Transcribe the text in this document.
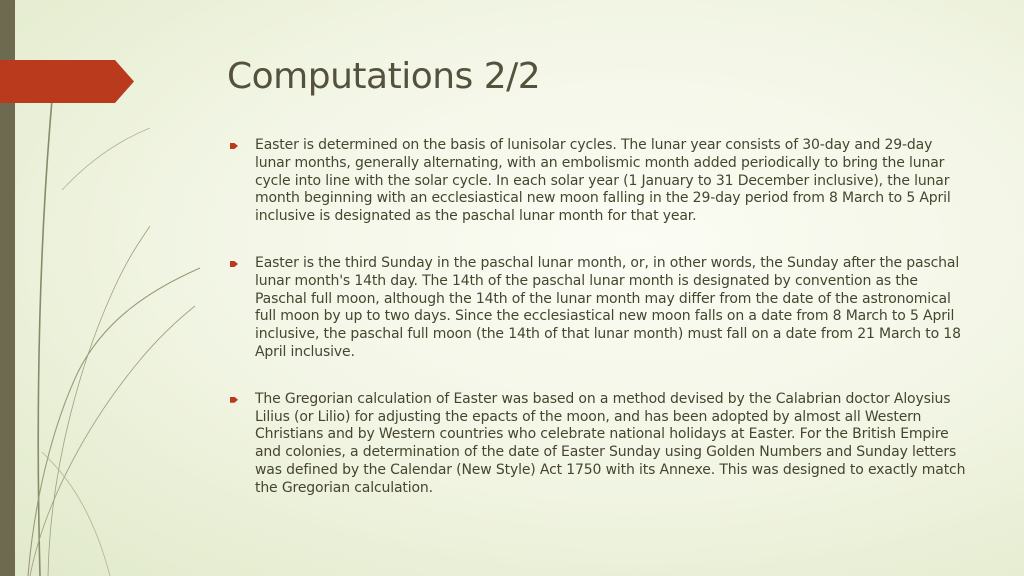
Computations 2/2
Easter is determined on the basis of lunisolar cycles. The lunar year consists of 30-day and 29-day lunar months, generally alternating, with an embolismic month added periodically to bring the lunar cycle into line with the solar cycle. In each solar year (1 January to 31 December inclusive), the lunar month beginning with an ecclesiastical new moon falling in the 29-day period from 8 March to 5 April inclusive is designated as the paschal lunar month for that year.
Easter is the third Sunday in the paschal lunar month, or, in other words, the Sunday after the paschal lunar month's 14th day. The 14th of the paschal lunar month is designated by convention as the Paschal full moon, although the 14th of the lunar month may differ from the date of the astronomical full moon by up to two days. Since the ecclesiastical new moon falls on a date from 8 March to 5 April inclusive, the paschal full moon (the 14th of that lunar month) must fall on a date from 21 March to 18 April inclusive.
The Gregorian calculation of Easter was based on a method devised by the Calabrian doctor Aloysius Lilius (or Lilio) for adjusting the epacts of the moon, and has been adopted by almost all Western Christians and by Western countries who celebrate national holidays at Easter. For the British Empire and colonies, a determination of the date of Easter Sunday using Golden Numbers and Sunday letters was defined by the Calendar (New Style) Act 1750 with its Annexe. This was designed to exactly match the Gregorian calculation.
